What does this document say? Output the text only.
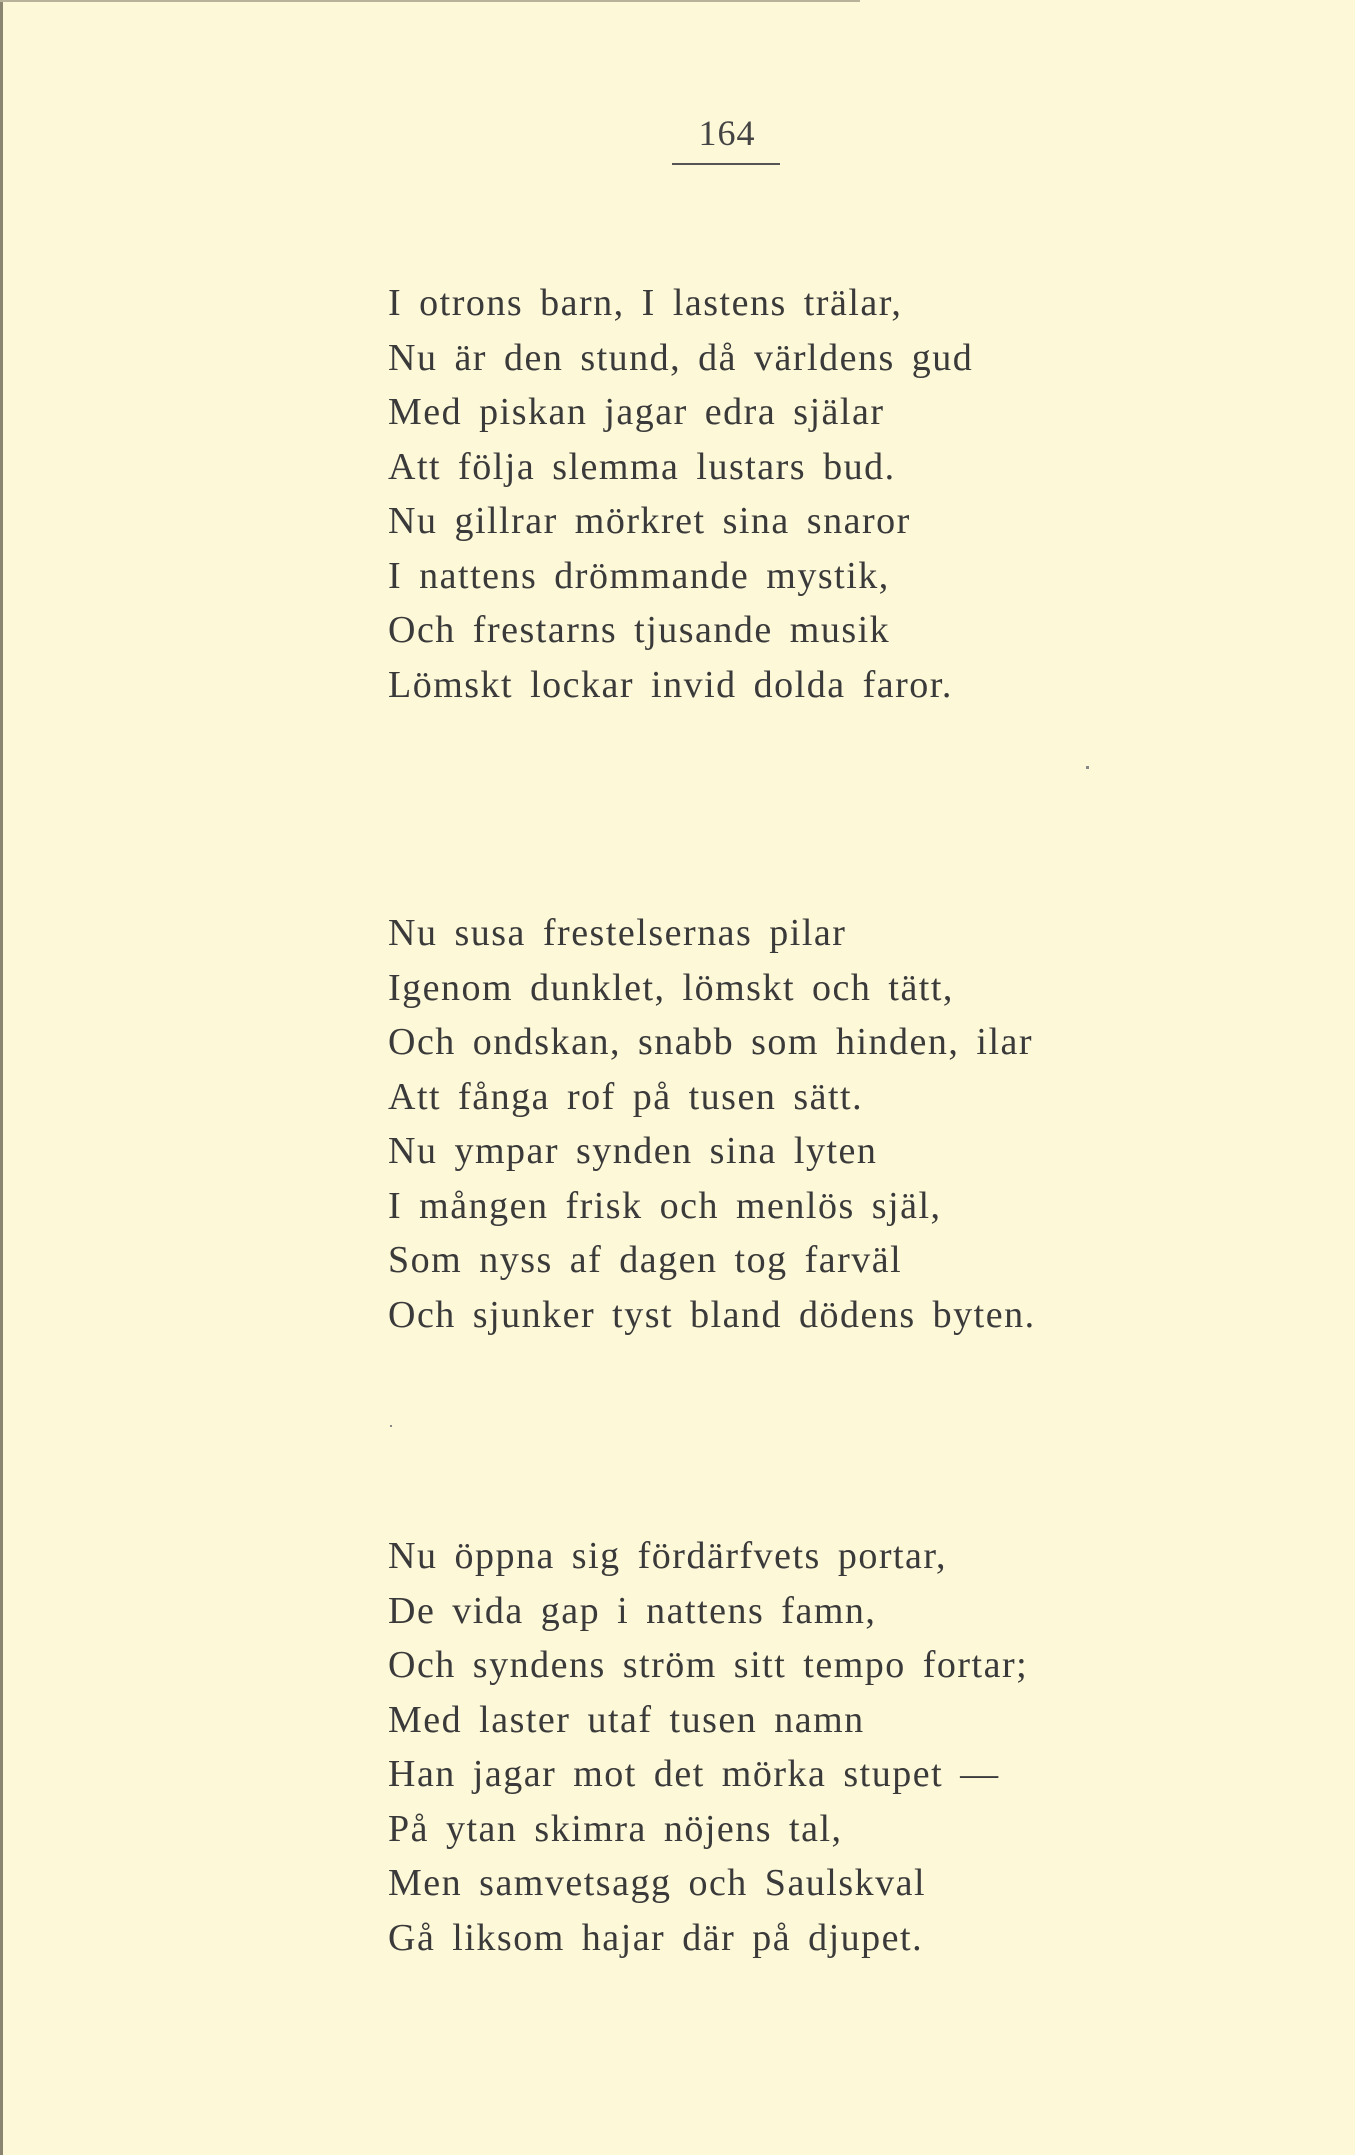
164
I otrons barn, I lastens trälar,
Nu är den stund, då världens gud
Med piskan jagar edra själar
Att följa slemma lustars bud.
Nu gillrar mörkret sina snaror
I nattens drömmande mystik,
Och frestarns tjusande musik
Lömskt lockar invid dolda faror.
Nu susa frestelsernas pilar
Igenom dunklet, lömskt och tätt,
Och ondskan, snabb som hinden, ilar
Att fånga rof på tusen sätt.
Nu ympar synden sina lyten
I mången frisk och menlös själ,
Som nyss af dagen tog farväl
Och sjunker tyst bland dödens byten.
Nu öppna sig fördärfvets portar,
De vida gap i nattens famn,
Och syndens ström sitt tempo fortar;
Med laster utaf tusen namn
Han jagar mot det mörka stupet —
På ytan skimra nöjens tal,
Men samvetsagg och Saulskval
Gå liksom hajar där på djupet.
